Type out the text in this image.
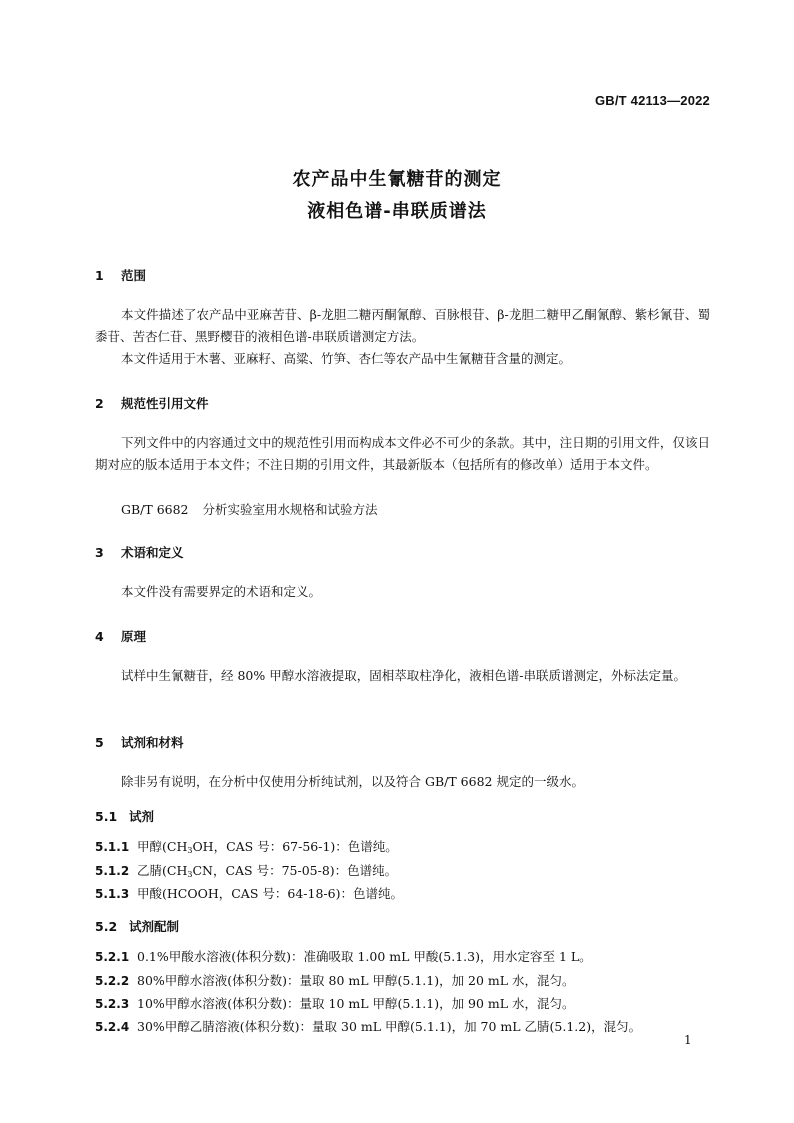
GB/T 42113—2022
农产品中生氰糖苷的测定
液相色谱-串联质谱法
1 范围
本文件描述了农产品中亚麻苦苷、β-龙胆二糖丙酮氰醇、百脉根苷、β-龙胆二糖甲乙酮氰醇、紫杉氰苷、蜀黍苷、苦杏仁苷、黑野樱苷的液相色谱-串联质谱测定方法。
本文件适用于木薯、亚麻籽、高粱、竹笋、杏仁等农产品中生氰糖苷含量的测定。
2 规范性引用文件
下列文件中的内容通过文中的规范性引用而构成本文件必不可少的条款。其中，注日期的引用文件，仅该日期对应的版本适用于本文件；不注日期的引用文件，其最新版本（包括所有的修改单）适用于本文件。
GB/T 6682 分析实验室用水规格和试验方法
3 术语和定义
本文件没有需要界定的术语和定义。
4 原理
试样中生氰糖苷，经 80% 甲醇水溶液提取，固相萃取柱净化，液相色谱-串联质谱测定，外标法定量。
5 试剂和材料
除非另有说明，在分析中仅使用分析纯试剂，以及符合 GB/T 6682 规定的一级水。
5.1 试剂
5.1.1 甲醇($CH_3OH$，CAS 号：67-56-1)：色谱纯。
5.1.2 乙腈($CH_3CN$，CAS 号：75-05-8)：色谱纯。
5.1.3 甲酸(HCOOH，CAS 号：64-18-6)：色谱纯。
5.2 试剂配制
5.2.1 0.1%甲酸水溶液(体积分数)：准确吸取 1.00 mL 甲酸(5.1.3)，用水定容至 1 L。
5.2.2 80%甲醇水溶液(体积分数)：量取 80 mL 甲醇(5.1.1)，加 20 mL 水，混匀。
5.2.3 10%甲醇水溶液(体积分数)：量取 10 mL 甲醇(5.1.1)，加 90 mL 水，混匀。
5.2.4 30%甲醇乙腈溶液(体积分数)：量取 30 mL 甲醇(5.1.1)，加 70 mL 乙腈(5.1.2)，混匀。
1
